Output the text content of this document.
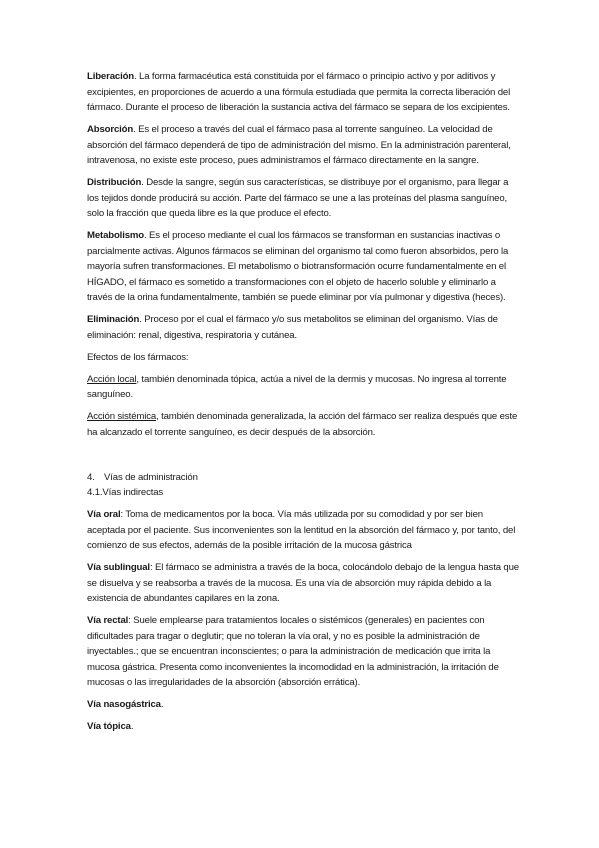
Liberación. La forma farmacéutica está constituida por el fármaco o principio activo y por aditivos y excipientes, en proporciones de acuerdo a una fórmula estudiada que permita la correcta liberación del fármaco. Durante el proceso de liberación la sustancia activa del fármaco se separa de los excipientes.

Absorción. Es el proceso a través del cual el fármaco pasa al torrente sanguíneo. La velocidad de absorción del fármaco dependerá de tipo de administración del mismo. En la administración parenteral, intravenosa, no existe este proceso, pues administramos el fármaco directamente en la sangre.

Distribución. Desde la sangre, según sus características, se distribuye por el organismo, para llegar a los tejidos donde producirá su acción. Parte del fármaco se une a las proteínas del plasma sanguíneo, solo la fracción que queda libre es la que produce el efecto.

Metabolismo. Es el proceso mediante el cual los fármacos se transforman en sustancias inactivas o parcialmente activas. Algunos fármacos se eliminan del organismo tal como fueron absorbidos, pero la mayoría sufren transformaciones. El metabolismo o biotransformación ocurre fundamentalmente en el HÍGADO, el fármaco es sometido a transformaciones con el objeto de hacerlo soluble y eliminarlo a través de la orina fundamentalmente, también se puede eliminar por vía pulmonar y digestiva (heces).

Eliminación. Proceso por el cual el fármaco y/o sus metabolitos se eliminan del organismo. Vías de eliminación: renal, digestiva, respiratoria y cutánea.

Efectos de los fármacos:

Acción local, también denominada tópica, actúa a nivel de la dermis y mucosas. No ingresa al torrente sanguíneo.

Acción sistémica, también denominada generalizada, la acción del fármaco ser realiza después que este ha alcanzado el torrente sanguíneo, es decir después de la absorción.

4. Vías de administración

4.1.Vías indirectas

Vía oral: Toma de medicamentos por la boca. Vía más utilizada por su comodidad y por ser bien aceptada por el paciente. Sus inconvenientes son la lentitud en la absorción del fármaco y, por tanto, del comienzo de sus efectos, además de la posible irritación de la mucosa gástrica

Vía sublingual: El fármaco se administra a través de la boca, colocándolo debajo de la lengua hasta que se disuelva y se reabsorba a través de la mucosa. Es una vía de absorción muy rápida debido a la existencia de abundantes capilares en la zona.

Vía rectal: Suele emplearse para tratamientos locales o sistémicos (generales) en pacientes con dificultades para tragar o deglutir; que no toleran la vía oral, y no es posible la administración de inyectables.; que se encuentran inconscientes; o para la administración de medicación que irrita la mucosa gástrica. Presenta como inconvenientes la incomodidad en la administración, la irritación de mucosas o las irregularidades de la absorción (absorción errática).

Vía nasogástrica.

Vía tópica.
